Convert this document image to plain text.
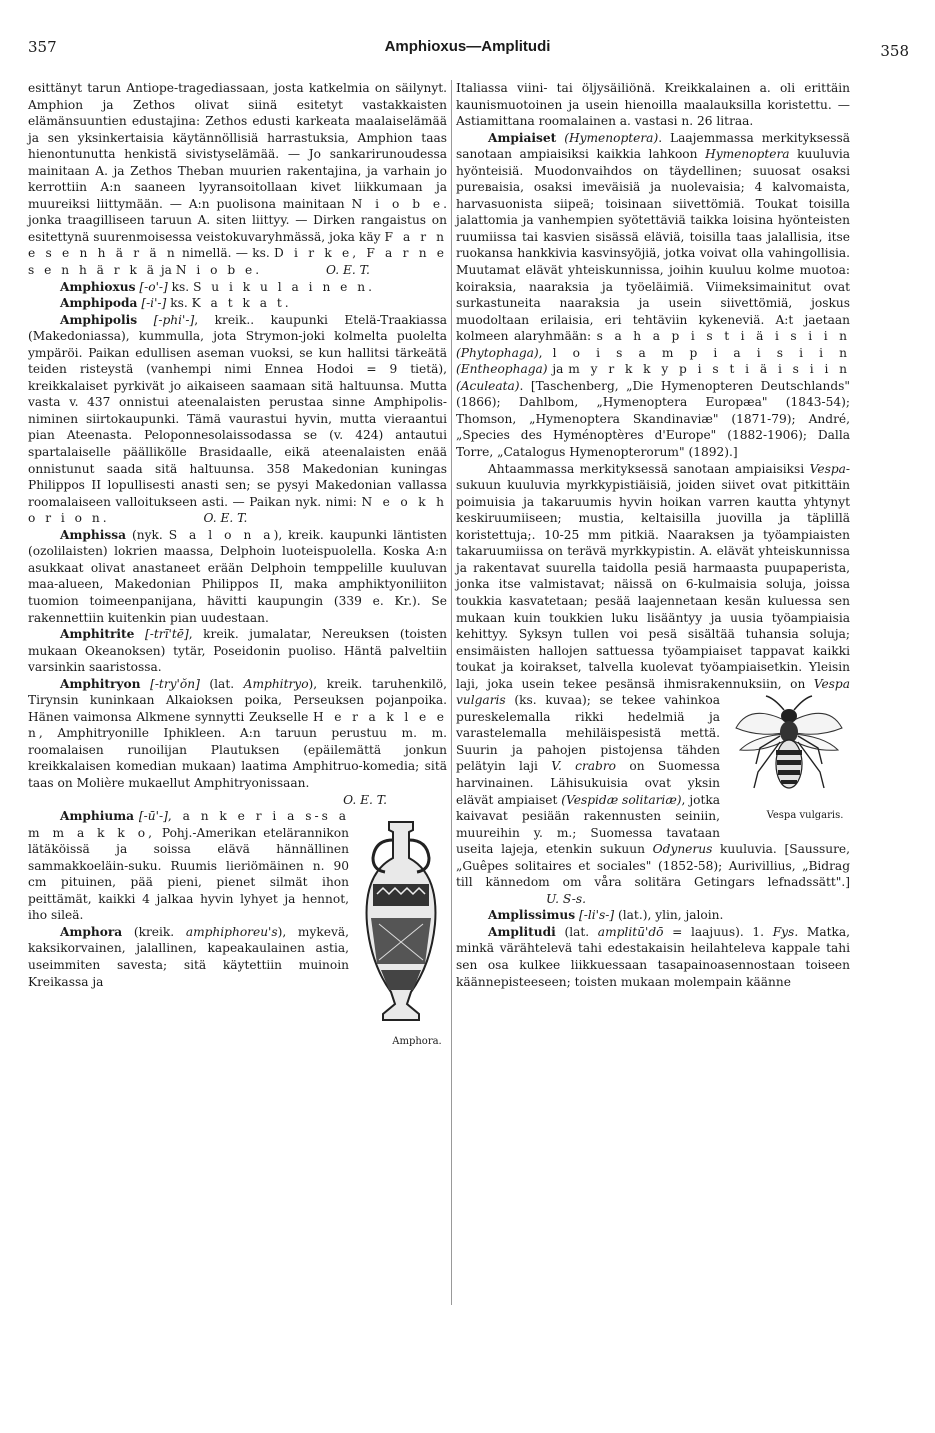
357	Amphioxus—Amplitudi	358

esittänyt tarun Antiope-tragediassaan, josta katkelmia on säilynyt. Amphion ja Zethos olivat siinä esitetyt vastakkaisten elämänsuuntien edustajina: Zethos edusti karkeata maalaiselämää ja sen yksinkertaisia käytännöllisiä harrastuksia, Amphion taas hienontunutta henkistä sivistyselämää. — Jo sankarirunoudessa mainitaan A. ja Zethos Theban muurien rakentajina, ja varhain jo kerrottiin A:n saaneen lyyransoitollaan kivet liikkumaan ja muureiksi liittymään. — A:n puolisona mainitaan N i o b e. jonka traagilliseen taruun A. siten liittyy. — Dirken rangaistus on esitettynä suurenmoisessa veistokuvaryhmässä, joka käy F a r n e s e n h ä r ä n nimellä. — ks. D i r k e, F a r n e s e n h ä r k ä ja N i o b e.	O. E. T.

Amphioxus [-o'-] ks. S u i k u l a i n e n.

Amphipoda [-i'-] ks. K a t k a t.

Amphipolis [-phi'-], kreik.. kaupunki Etelä-Traakiassa (Makedoniassa), kummulla, jota Strymon-joki kolmelta puolelta ympäröi. Paikan edullisen aseman vuoksi, se kun hallitsi tärkeätä teiden risteystä (vanhempi nimi Ennea Hodoi = 9 tietä), kreikkalaiset pyrkivät jo aikaiseen saamaan sitä haltuunsa. Mutta vasta v. 437 onnistui ateenalaisten perustaa sinne Amphipolis-niminen siirtokaupunki. Tämä vaurastui hyvin, mutta vieraantui pian Ateenasta. Peloponnesolaissodassa se (v. 424) antautui spartalaiselle päällikölle Brasidaalle, eikä ateenalaisten enää onnistunut saada sitä haltuunsa. 358 Makedonian kuningas Philippos II lopullisesti anasti sen; se pysyi Makedonian vallassa roomalaiseen valloitukseen asti. — Paikan nyk. nimi: N e o k h o r i o n.	O. E. T.

Amphissa (nyk. S a l o n a), kreik. kaupunki läntisten (ozolilaisten) lokrien maassa, Delphoin luoteispuolella. Koska A:n asukkaat olivat anastaneet erään Delphoin temppelille kuuluvan maa-alueen, Makedonian Philippos II, maka amphiktyoniliiton tuomion toimeenpanijana, hävitti kaupungin (339 e. Kr.). Se rakennettiin kuitenkin pian uudestaan.

Amphitrite [-trī'tē], kreik. jumalatar, Nereuksen (toisten mukaan Okeanoksen) tytär, Poseidonin puoliso. Häntä palveltiin varsinkin saaristossa.

Amphitryon [-try'ŏn] (lat. Amphitryo), kreik. taruhenkilö, Tirynsin kuninkaan Alkaioksen poika, Perseuksen pojanpoika. Hänen vaimonsa Alkmene synnytti Zeukselle H e r a k l e e n, Amphitryonille Iphikleen. A:n taruun perustuu m. m. roomalaisen runoilijan Plautuksen (epäilemättä jonkun kreikkalaisen komedian mukaan) laatima Amphitruo-komedia; sitä taas on Molière mukaellut Amphitryonissaan.
O. E. T.

Amphora.
Amphiuma [-ū'-], a n k e r i a s-s a m m a k k o, Pohj.-Amerikan etelärannikon lätäköissä ja soissa elävä hännällinen sammakkoeläin-suku. Ruumis lieriömäinen n. 90 cm pituinen, pää pieni, pienet silmät ihon peittämät, kaikki 4 jalkaa hyvin lyhyet ja hennot, iho sileä.

Amphora (kreik. amphiphoreu's), mykevä, kaksikorvainen, jalallinen, kapeakaulainen astia, useimmiten savesta; sitä käytettiin muinoin Kreikassa ja

Italiassa viini- tai öljysäiliönä. Kreikkalainen a. oli erittäin kaunismuotoinen ja usein hienoilla maalauksilla koristettu. — Astiamittana roomalainen a. vastasi n. 26 litraa.

Ampiaiset (Hymenoptera). Laajemmassa merkityksessä sanotaan ampiaisiksi kaikkia lahkoon Hymenoptera kuuluvia hyönteisiä. Muodonvaihdos on täydellinen; suuosat osaksi pureваisia, osaksi imeväisiä ja nuolevaisia; 4 kalvomaista, harvasuonista siipeä; toisinaan siivettömiä. Toukat toisilla jalattomia ja vanhempien syötettäviä taikka loisina hyönteisten ruumiissa tai kasvien sisässä eläviä, toisilla taas jalallisia, itse ruokansa hankkivia kasvinsyöjiä, jotka voivat olla vahingollisia. Muutamat elävät yhteiskunnissa, joihin kuuluu kolme muotoa: koiraksia, naaraksia ja työeläimiä. Viimeksimainitut ovat surkastuneita naaraksia ja usein siivettömiä, joskus muodoltaan erilaisia, eri tehtäviin kykeneviä. A:t jaetaan kolmeen alaryhmään: s a h a p i s t i ä i s i i n (Phytophaga), l o i s a m p i a i s i i n (Entheophaga) ja m y r k k y p i s t i ä i s i i n (Aculeata). [Taschenberg, „Die Hymenopteren Deutschlands" (1866); Dahlbom, „Hymenoptera Europæa" (1843-54); Thomson, „Hymenoptera Skandinaviæ" (1871-79); André, „Species des Hyménoptères d'Europe" (1882-1906); Dalla Torre, „Catalogus Hymenopterorum" (1892).]

Ahtaammassa merkityksessä sanotaan ampiaisiksi Vespa-sukuun kuuluvia myrkkypistiäisiä, joiden siivet ovat pitkittäin poimuisia ja takaruumis hyvin hoikan varren kautta yhtynyt keskiruumiiseen; mustia, keltaisilla juovilla ja täplillä koristettuja;. 10-25 mm pitkiä. Naaraksen ja työampiaisten takaruumiissa on terävä myrkkypistin. A. elävät yhteiskunnissa ja rakentavat suurella taidolla pesiä harmaasta puupaperista, jonka itse valmistavat; näissä on 6-kulmaisia soluja, joissa toukkia kasvatetaan; pesää laajennetaan kesän kuluessa sen mukaan kuin toukkien luku lisääntyy ja uusia työampiaisia kehittyy. Syksyn tullen voi pesä sisältää tuhansia soluja; ensimäisten hallojen sattuessa työampiaiset tappavat kaikki toukat ja koirakset, talvella kuolevat työampiaisetkin. Yleisin laji, joka usein tekee pesänsä ihmisrakennuksiin, on
Vespa vulgaris.
Vespa vulgaris (ks. kuvaa); se tekee vahinkoa pureskelemalla rikki hedelmiä ja varastelemalla mehiläispesistä mettä. Suurin ja pahojen pistojensa tähden pelätyin laji V. crabro on Suomessa harvinainen. Lähisukuisia ovat yksin elävät ampiaiset (Vespidæ solitariæ), jotka kaivavat pesiään rakennusten seiniin, muureihin y. m.; Suomessa tavataan useita lajeja, etenkin sukuun Odynerus kuuluvia. [Saussure, „Guêpes solitaires et sociales" (1852-58); Aurivillius, „Bidrag till kännedom om våra solitära Getingars lefnadssätt".] U. S-s.

Amplissimus [-li's-] (lat.), ylin, jaloin.

Amplitudi (lat. amplitū'dō = laajuus). 1. Fys. Matka, minkä värähtelevä tahi edestakaisin heilahteleva kappale tahi sen osa kulkee liikkuessaan tasapainoasennostaan toiseen käännepisteeseen; toisten mukaan molempain käänne
